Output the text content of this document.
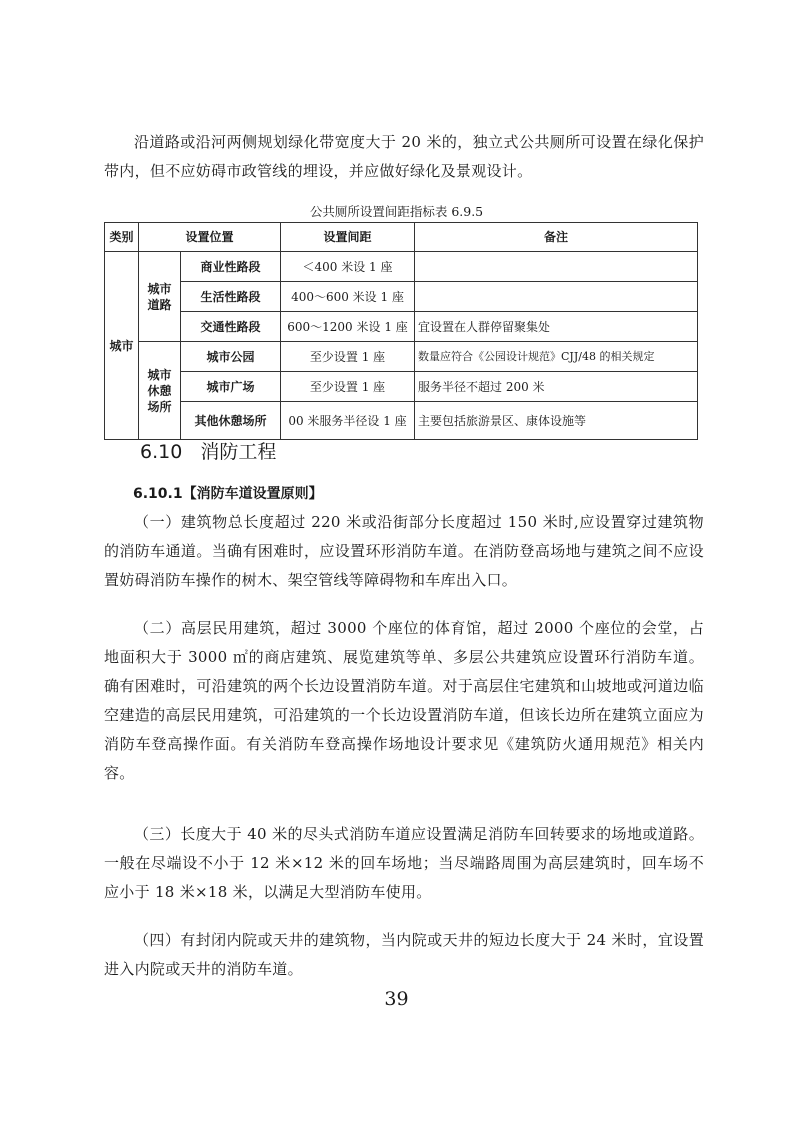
沿道路或沿河两侧规划绿化带宽度大于 20 米的，独立式公共厕所可设置在绿化保护带内，但不应妨碍市政管线的埋设，并应做好绿化及景观设计。

公共厕所设置间距指标表 6.9.5
类别	设置位置		设置间距	备注
城市	城市道路	商业性路段	＜400 米设 1 座	
		生活性路段	400～600 米设 1 座	
		交通性路段	600～1200 米设 1 座	宜设置在人群停留聚集处
	城市休憩场所	城市公园	至少设置 1 座	数量应符合《公园设计规范》CJJ/48 的相关规定
		城市广场	至少设置 1 座	服务半径不超过 200 米
		其他休憩场所	00 米服务半径设 1 座	主要包括旅游景区、康体设施等
6.10 消防工程
6.10.1【消防车道设置原则】

（一）建筑物总长度超过 220 米或沿街部分长度超过 150 米时,应设置穿过建筑物的消防车通道。当确有困难时，应设置环形消防车道。在消防登高场地与建筑之间不应设置妨碍消防车操作的树木、架空管线等障碍物和车库出入口。

（二）高层民用建筑，超过 3000 个座位的体育馆，超过 2000 个座位的会堂，占地面积大于 3000 ㎡的商店建筑、展览建筑等单、多层公共建筑应设置环行消防车道。确有困难时，可沿建筑的两个长边设置消防车道。对于高层住宅建筑和山坡地或河道边临空建造的高层民用建筑，可沿建筑的一个长边设置消防车道，但该长边所在建筑立面应为消防车登高操作面。有关消防车登高操作场地设计要求见《建筑防火通用规范》相关内容。

（三）长度大于 40 米的尽头式消防车道应设置满足消防车回转要求的场地或道路。一般在尽端设不小于 12 米×12 米的回车场地；当尽端路周围为高层建筑时，回车场不应小于 18 米×18 米，以满足大型消防车使用。

（四）有封闭内院或天井的建筑物，当内院或天井的短边长度大于 24 米时，宜设置进入内院或天井的消防车道。

39
